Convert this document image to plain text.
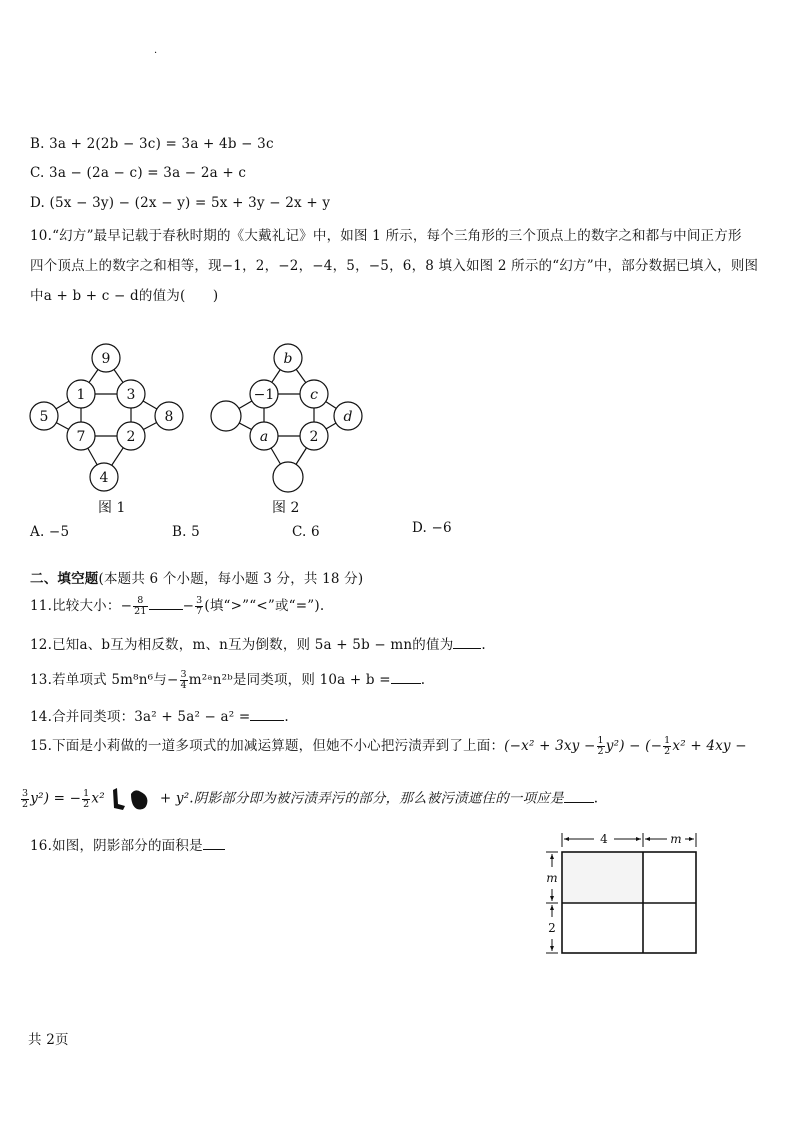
·
B. 3a + 2(2b − 3c) = 3a + 4b − 3c
C. 3a − (2a − c) = 3a − 2a + c
D. (5x − 3y) − (2x − y) = 5x + 3y − 2x + y
10.“幻方”最早记载于春秋时期的《大戴礼记》中，如图 1 所示，每个三角形的三个顶点上的数字之和都与中间正方形
四个顶点上的数字之和相等，现−1，2，−2，−4，5，−5，6，8 填入如图 2 所示的“幻方”中，部分数据已填入，则图
中a + b + c − d的值为(　　)
9
1	3
5	8
7	2
4
图 1
b
−1	c
d
a	2
图 2
A. −5	B. 5	C. 6	D. −6
二、填空题(本题共 6 个小题，每小题 3 分，共 18 分)
11.比较大小：− $\frac{8}{21}$	− $\frac{3}{7}$ (填“>”“<”或“=”).
12.已知a、b互为相反数，m、n互为倒数，则 5a + 5b − mn的值为 .
13.若单项式 5m⁸n⁶与− $\frac{3}{4}$ m²ᵃn²ᵇ是同类项，则 10a + b = .
14.合并同类项：3a² + 5a² − a² =	.
15.下面是小莉做的一道多项式的加减运算题，但她不小心把污渍弄到了上面：$(-x^2 + 3xy - \frac{1}{2} y^2)$ − (− $\frac{1}{2} x^2 + 4xy$ −
$\frac{3}{2} y^2$) = − $\frac{1}{2} x^2$	+ y².阴影部分即为被污渍弄污的部分，那么被污渍遮住的一项应是 .
16.如图，阴影部分的面积是	4	m
m
2
共 2页
